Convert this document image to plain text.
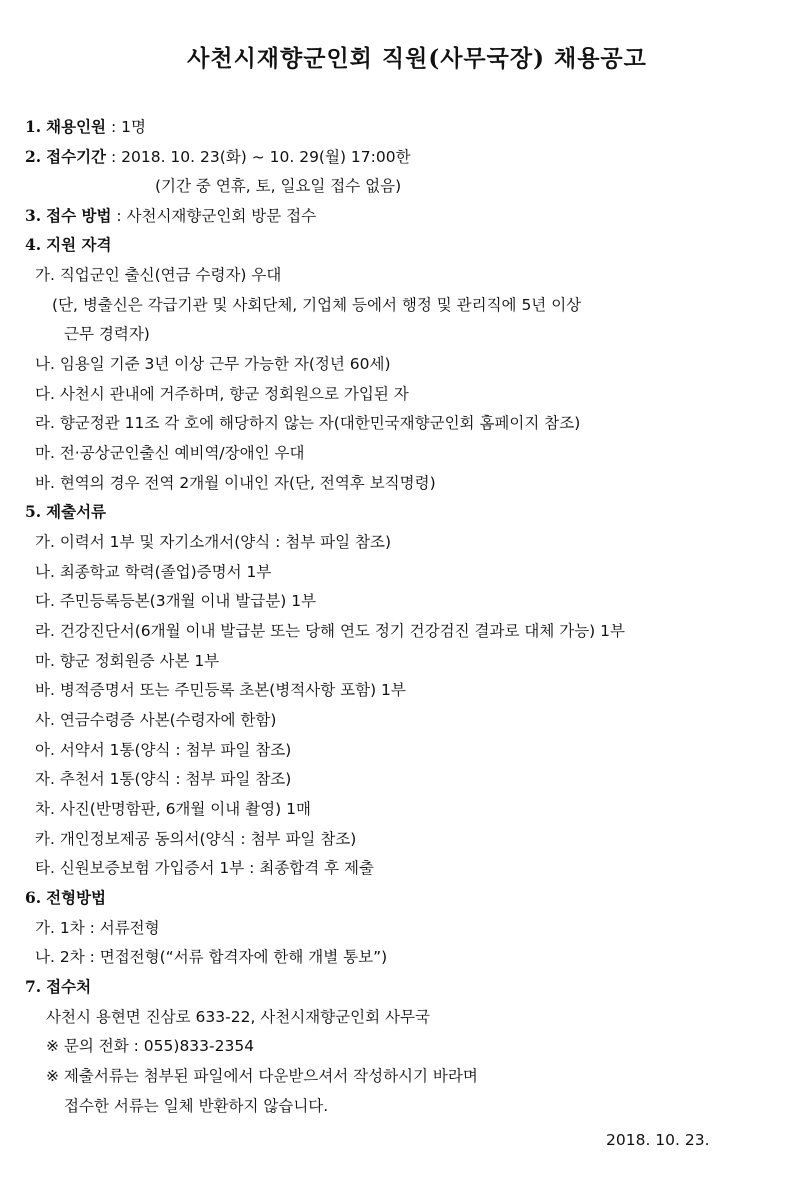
사천시재향군인회 직원(사무국장) 채용공고
1. 채용인원 : 1명
2. 접수기간 : 2018. 10. 23(화) ~ 10. 29(월) 17:00한
(기간 중 연휴, 토, 일요일 접수 없음)
3. 접수 방법 : 사천시재향군인회 방문 접수
4. 지원 자격
가. 직업군인 출신(연금 수령자) 우대
(단, 병출신은 각급기관 및 사회단체, 기업체 등에서 행정 및 관리직에 5년 이상
근무 경력자)
나. 임용일 기준 3년 이상 근무 가능한 자(정년 60세)
다. 사천시 관내에 거주하며, 향군 정회원으로 가입된 자
라. 향군정관 11조 각 호에 해당하지 않는 자(대한민국재향군인회 홈페이지 참조)
마. 전·공상군인출신 예비역/장애인 우대
바. 현역의 경우 전역 2개월 이내인 자(단, 전역후 보직명령)
5. 제출서류
가. 이력서 1부 및 자기소개서(양식 : 첨부 파일 참조)
나. 최종학교 학력(졸업)증명서 1부
다. 주민등록등본(3개월 이내 발급분) 1부
라. 건강진단서(6개월 이내 발급분 또는 당해 연도 정기 건강검진 결과로 대체 가능) 1부
마. 향군 정회원증 사본 1부
바. 병적증명서 또는 주민등록 초본(병적사항 포함) 1부
사. 연금수령증 사본(수령자에 한함)
아. 서약서 1통(양식 : 첨부 파일 참조)
자. 추천서 1통(양식 : 첨부 파일 참조)
차. 사진(반명함판, 6개월 이내 촬영) 1매
카. 개인정보제공 동의서(양식 : 첨부 파일 참조)
타. 신원보증보험 가입증서 1부 : 최종합격 후 제출
6. 전형방법
가. 1차 : 서류전형
나. 2차 : 면접전형(“서류 합격자에 한해 개별 통보”)
7. 접수처
사천시 용현면 진삼로 633-22, 사천시재향군인회 사무국
※ 문의 전화 : 055)833-2354
※ 제출서류는 첨부된 파일에서 다운받으셔서 작성하시기 바라며
접수한 서류는 일체 반환하지 않습니다.
2018. 10. 23.
